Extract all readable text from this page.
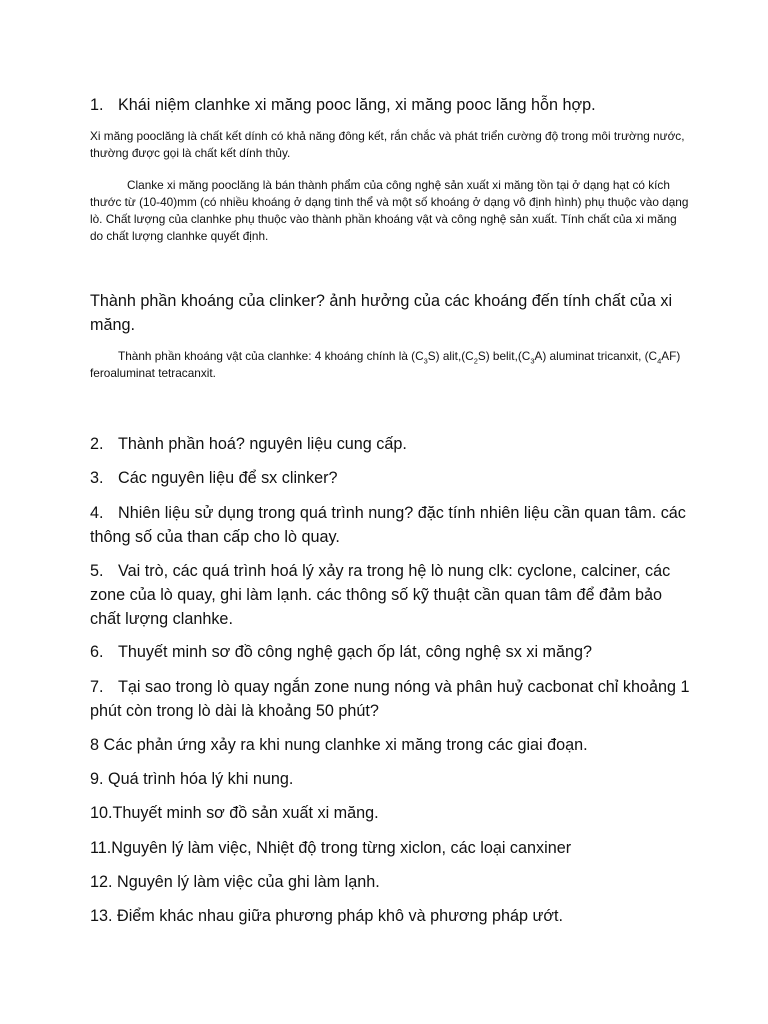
1. Khái niệm clanhke xi măng pooc lăng, xi măng pooc lăng hỗn hợp.

Xi măng pooclăng là chất kết dính có khả năng đông kết, rắn chắc và phát triển cường độ trong môi trường nước, thường được gọi là chất kết dính thủy.

Clanke xi măng pooclăng là bán thành phẩm của công nghệ sản xuất xi măng tồn tại ở dạng hạt có kích thước từ (10-40)mm (có nhiều khoáng ở dạng tinh thể và một số khoáng ở dạng vô định hình) phụ thuộc vào dạng lò. Chất lượng của clanhke phụ thuộc vào thành phần khoáng vật và công nghệ sản xuất. Tính chất của xi măng do chất lượng clanhke quyết định.

Thành phần khoáng của clinker? ảnh hưởng của các khoáng đến tính chất của xi măng.

Thành phần khoáng vật của clanhke: 4 khoáng chính là $(C_3S)$ $alit,(C_2S)$ $belit,(C_3A)$ aluminat tricanxit, $(C_4AF)$ feroaluminat tetracanxit.

2. Thành phần hoá? nguyên liệu cung cấp.

3. Các nguyên liệu để sx clinker?

4. Nhiên liệu sử dụng trong quá trình nung? đặc tính nhiên liệu cần quan tâm. các thông số của than cấp cho lò quay.

5. Vai trò, các quá trình hoá lý xảy ra trong hệ lò nung clk: cyclone, calciner, các zone của lò quay, ghi làm lạnh. các thông số kỹ thuật cần quan tâm để đảm bảo chất lượng clanhke.

6. Thuyết minh sơ đồ công nghệ gạch ốp lát, công nghệ sx xi măng?

7. Tại sao trong lò quay ngắn zone nung nóng và phân huỷ cacbonat chỉ khoảng 1 phút còn trong lò dài là khoảng 50 phút?

8 Các phản ứng xảy ra khi nung clanhke xi măng trong các giai đoạn.

9. Quá trình hóa lý khi nung.

10.Thuyết minh sơ đồ sản xuất xi măng.

11.Nguyên lý làm việc, Nhiệt độ trong từng xiclon, các loại canxiner

12. Nguyên lý làm việc của ghi làm lạnh.

13. Điểm khác nhau giữa phương pháp khô và phương pháp ướt.
